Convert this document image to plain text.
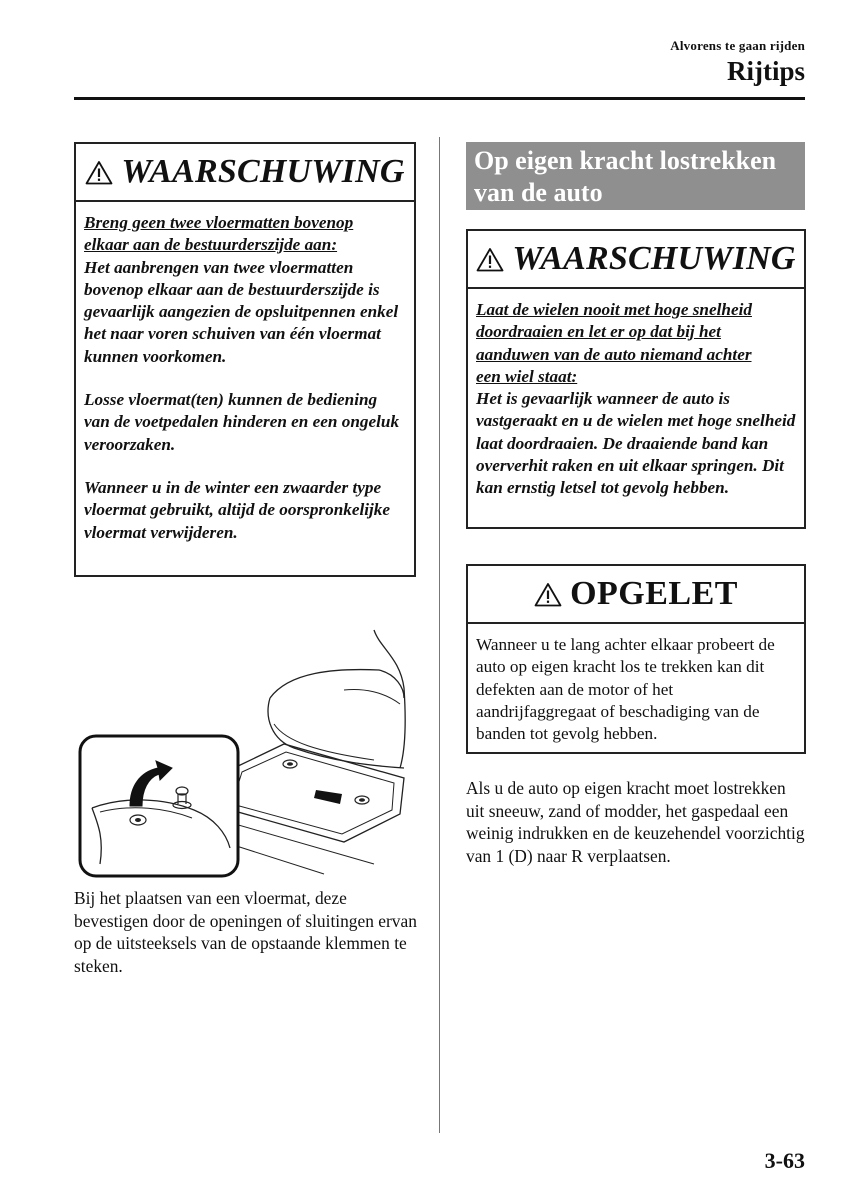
Alvorens te gaan rijden
Rijtips
WAARSCHUWING

Breng geen twee vloermatten bovenop
elkaar aan de bestuurderszijde aan:
Het aanbrengen van twee vloermatten bovenop elkaar aan de bestuurderszijde is gevaarlijk aangezien de opsluitpennen enkel het naar voren schuiven van één vloermat kunnen voorkomen.

Losse vloermat(ten) kunnen de bediening van de voetpedalen hinderen en een ongeluk veroorzaken.

Wanneer u in de winter een zwaarder type vloermat gebruikt, altijd de oorspronkelijke vloermat verwijderen.

Bij het plaatsen van een vloermat, deze bevestigen door de openingen of sluitingen ervan op de uitsteeksels van de opstaande klemmen te steken.
Op eigen kracht lostrekken van de auto
WAARSCHUWING

Laat de wielen nooit met hoge snelheid
doordraaien en let er op dat bij het
aanduwen van de auto niemand achter
een wiel staat:
Het is gevaarlijk wanneer de auto is vastgeraakt en u de wielen met hoge snelheid laat doordraaien. De draaiende band kan oververhit raken en uit elkaar springen. Dit kan ernstig letsel tot gevolg hebben.

OPGELET
Wanneer u te lang achter elkaar probeert de auto op eigen kracht los te trekken kan dit defekten aan de motor of het aandrijfaggregaat of beschadiging van de banden tot gevolg hebben.
Als u de auto op eigen kracht moet lostrekken uit sneeuw, zand of modder, het gaspedaal een weinig indrukken en de keuzehendel voorzichtig van 1 (D) naar R verplaatsen.
3-63
